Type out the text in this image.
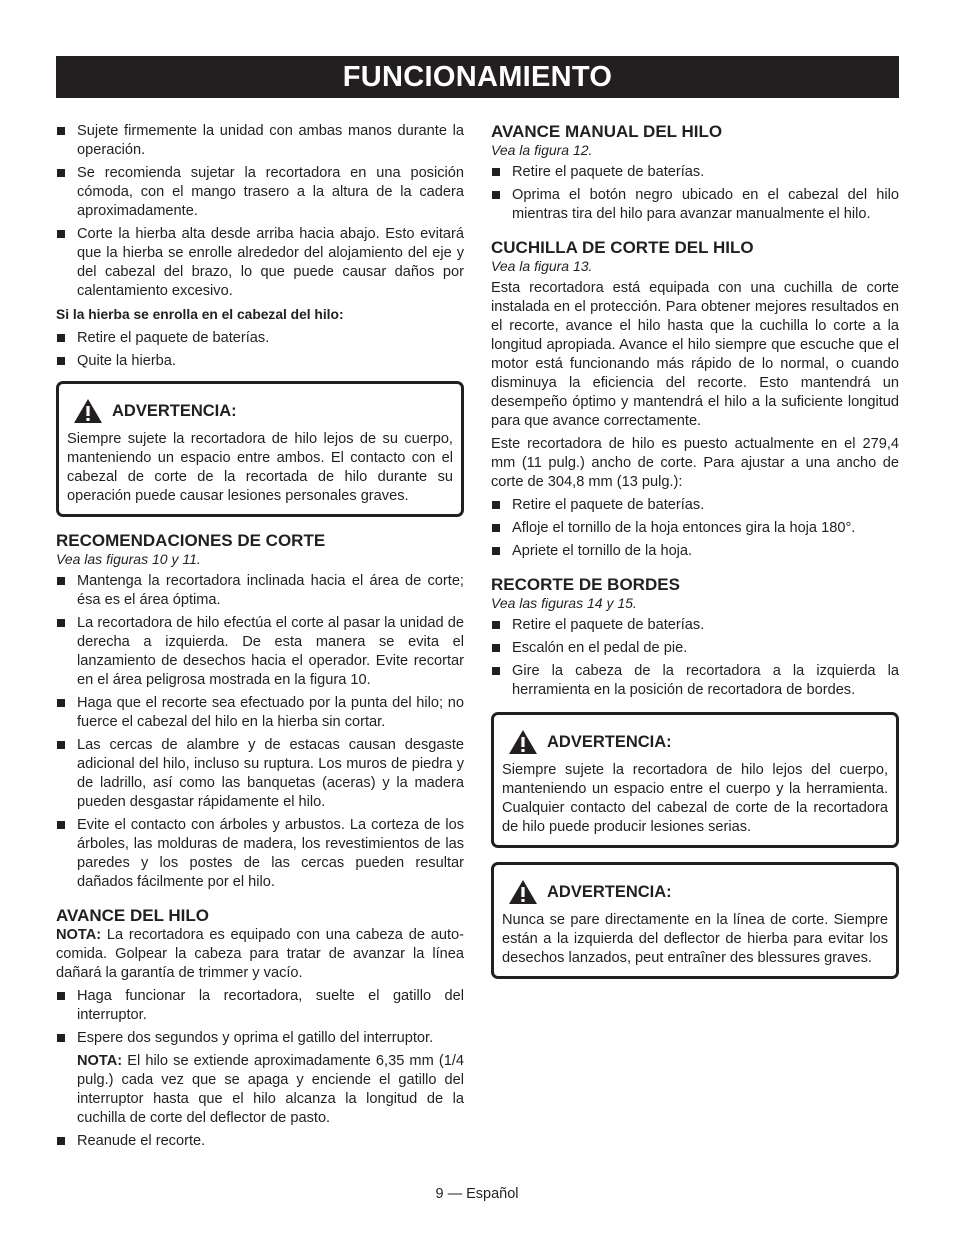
FUNCIONAMIENTO
Sujete firmemente la unidad con ambas manos durante la operación.
Se recomienda sujetar la recortadora en una posición cómoda, con el mango trasero a la altura de la cadera aproximadamente.
Corte la hierba alta desde arriba hacia abajo. Esto evitará que la hierba se enrolle alrededor del alojamiento del eje y del cabezal del brazo, lo que puede causar daños por calentamiento excesivo.
Si la hierba se enrolla en el cabezal del hilo:
Retire el paquete de baterías.
Quite la hierba.
ADVERTENCIA:
Siempre sujete la recortadora de hilo lejos de su cuerpo, manteniendo un espacio entre ambos. El contacto con el cabezal de corte de la recortada de hilo durante su operación puede causar lesiones personales graves.
RECOMENDACIONES DE CORTE
Vea las figuras 10 y 11.
Mantenga la recortadora inclinada hacia el área de corte; ésa es el área óptima.
La recortadora de hilo efectúa el corte al pasar la unidad de derecha a izquierda. De esta manera se evita el lanzamiento de desechos hacia el operador. Evite recortar en el área peligrosa mostrada en la figura 10.
Haga que el recorte sea efectuado por la punta del hilo; no fuerce el cabezal del hilo en la hierba sin cortar.
Las cercas de alambre y de estacas causan desgaste adicional del hilo, incluso su ruptura. Los muros de piedra y de ladrillo, así como las banquetas (aceras) y la madera pueden desgastar rápidamente el hilo.
Evite el contacto con árboles y arbustos. La corteza de los árboles, las molduras de madera, los revestimientos de las paredes y los postes de las cercas pueden resultar dañados fácilmente por el hilo.
AVANCE DEL HILO
NOTA: La recortadora es equipado con una cabeza de auto-comida. Golpear la cabeza para tratar de avanzar la línea dañará la garantía de trimmer y vacío.
Haga funcionar la recortadora, suelte el gatillo del interruptor.
Espere dos segundos y oprima el gatillo del interruptor.
NOTA: El hilo se extiende aproximadamente 6,35 mm (1/4 pulg.) cada vez que se apaga y enciende el gatillo del interruptor hasta que el hilo alcanza la longitud de la cuchilla de corte del deflector de pasto.
Reanude el recorte.
AVANCE MANUAL DEL HILO
Vea la figura 12.
Retire el paquete de baterías.
Oprima el botón negro ubicado en el cabezal del hilo mientras tira del hilo para avanzar manualmente el hilo.
CUCHILLA DE CORTE DEL HILO
Vea la figura 13.
Esta recortadora está equipada con una cuchilla de corte instalada en el protección. Para obtener mejores resultados en el recorte, avance el hilo hasta que la cuchilla lo corte a la longitud apropiada. Avance el hilo siempre que escuche que el motor está funcionando más rápido de lo normal, o cuando disminuya la eficiencia del recorte. Esto mantendrá un desempeño óptimo y mantendrá el hilo a la suficiente longitud para que avance correctamente.
Este recortadora de hilo es puesto actualmente en el 279,4 mm (11 pulg.) ancho de corte. Para ajustar a una ancho de corte de 304,8 mm (13 pulg.):
Retire el paquete de baterías.
Afloje el tornillo de la hoja entonces gira la hoja 180°.
Apriete el tornillo de la hoja.
RECORTE DE BORDES
Vea las figuras 14 y 15.
Retire el paquete de baterías.
Escalón en el pedal de pie.
Gire la cabeza de la recortadora a la izquierda la herramienta en la posición de recortadora de bordes.
ADVERTENCIA:
Siempre sujete la recortadora de hilo lejos del cuerpo, manteniendo un espacio entre el cuerpo y la herramienta. Cualquier contacto del cabezal de corte de la recortadora de hilo puede producir lesiones serias.
ADVERTENCIA:
Nunca se pare directamente en la línea de corte. Siempre están a la izquierda del deflector de hierba para evitar los desechos lanzados, peut entraîner des blessures graves.
9 — Español
